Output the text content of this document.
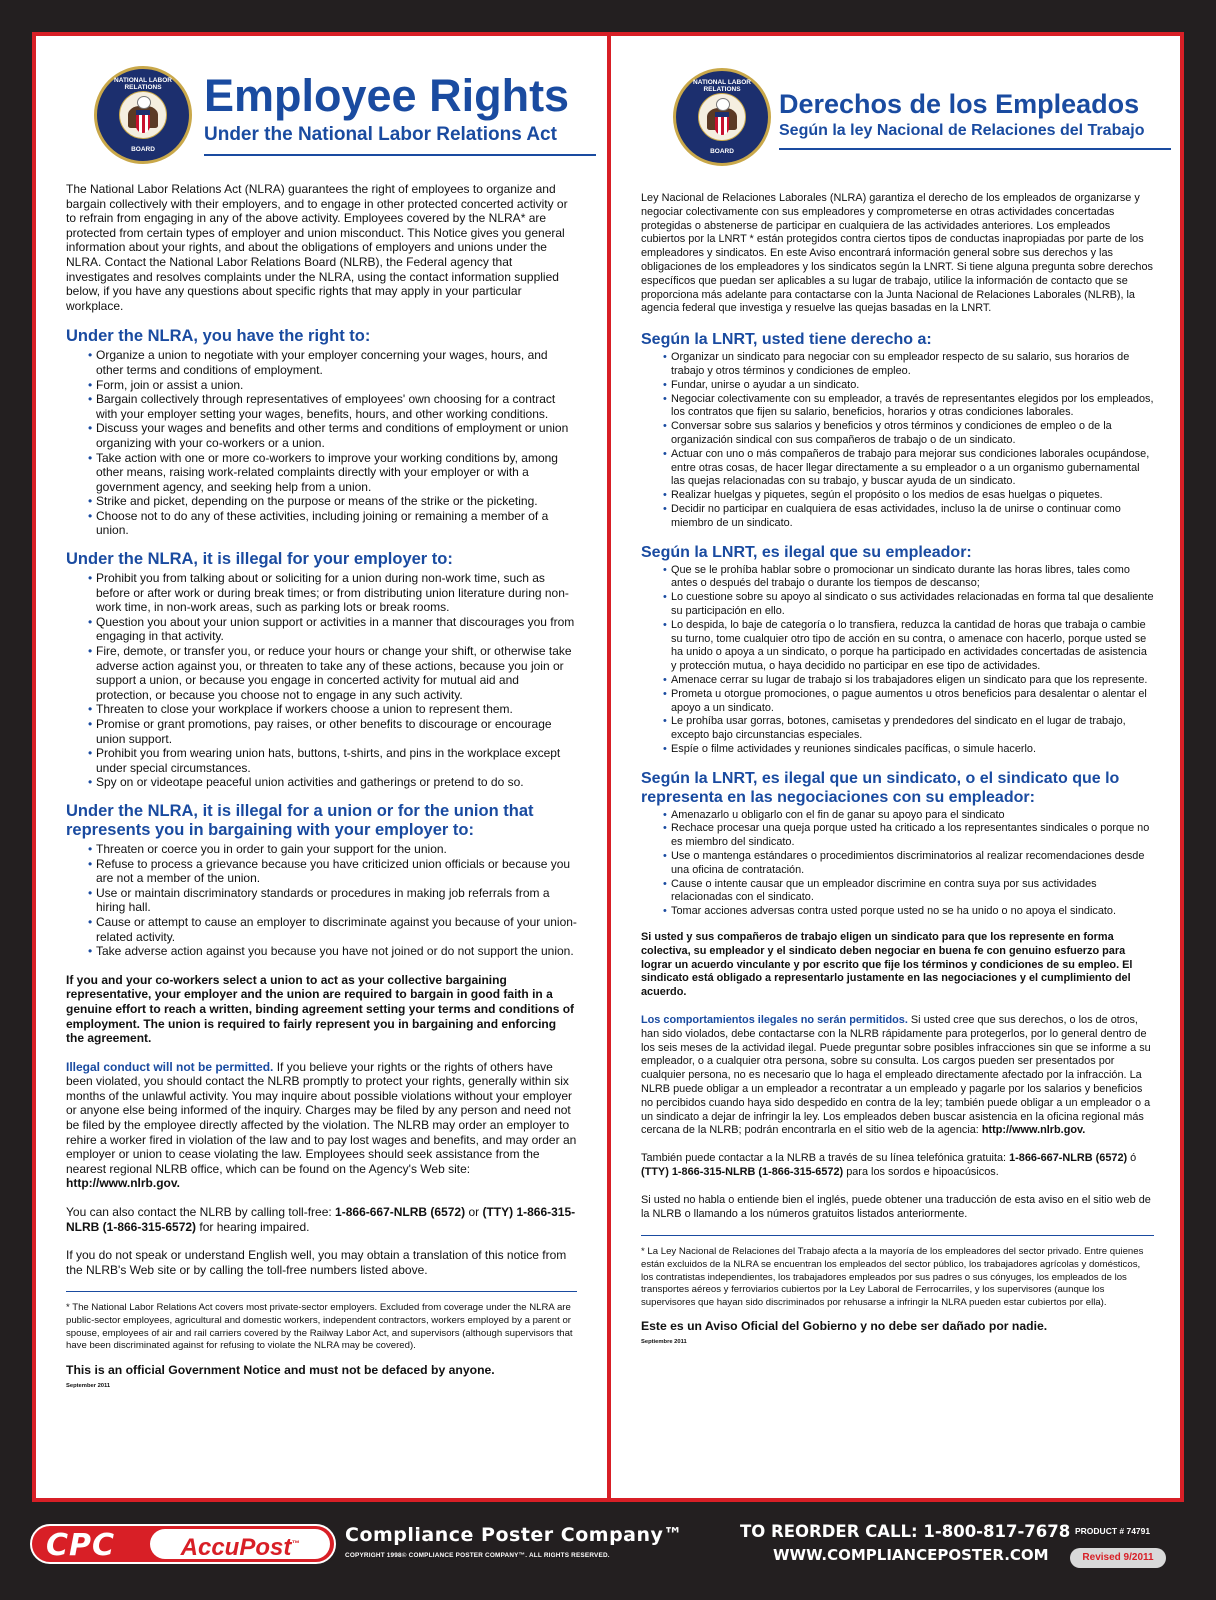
NATIONAL LABOR RELATIONS
BOARD
Employee Rights
Under the National Labor Relations Act

The National Labor Relations Act (NLRA) guarantees the right of employees to organize and bargain collectively with their employers, and to engage in other protected concerted activity or to refrain from engaging in any of the above activity. Employees covered by the NLRA* are protected from certain types of employer and union misconduct. This Notice gives you general information about your rights, and about the obligations of employers and unions under the NLRA. Contact the National Labor Relations Board (NLRB), the Federal agency that investigates and resolves complaints under the NLRA, using the contact information supplied below, if you have any questions about specific rights that may apply in your particular workplace.

Under the NLRA, you have the right to:
• Organize a union to negotiate with your employer concerning your wages, hours, and other terms and conditions of employment.
• Form, join or assist a union.
• Bargain collectively through representatives of employees' own choosing for a contract with your employer setting your wages, benefits, hours, and other working conditions.
• Discuss your wages and benefits and other terms and conditions of employment or union organizing with your co-workers or a union.
• Take action with one or more co-workers to improve your working conditions by, among other means, raising work-related complaints directly with your employer or with a government agency, and seeking help from a union.
• Strike and picket, depending on the purpose or means of the strike or the picketing.
• Choose not to do any of these activities, including joining or remaining a member of a union.
Under the NLRA, it is illegal for your employer to:
• Prohibit you from talking about or soliciting for a union during non-work time, such as before or after work or during break times; or from distributing union literature during non-work time, in non-work areas, such as parking lots or break rooms.
• Question you about your union support or activities in a manner that discourages you from engaging in that activity.
• Fire, demote, or transfer you, or reduce your hours or change your shift, or otherwise take adverse action against you, or threaten to take any of these actions, because you join or support a union, or because you engage in concerted activity for mutual aid and protection, or because you choose not to engage in any such activity.
• Threaten to close your workplace if workers choose a union to represent them.
• Promise or grant promotions, pay raises, or other benefits to discourage or encourage union support.
• Prohibit you from wearing union hats, buttons, t-shirts, and pins in the workplace except under special circumstances.
• Spy on or videotape peaceful union activities and gatherings or pretend to do so.
Under the NLRA, it is illegal for a union or for the union that represents you in bargaining with your employer to:
• Threaten or coerce you in order to gain your support for the union.
• Refuse to process a grievance because you have criticized union officials or because you are not a member of the union.
• Use or maintain discriminatory standards or procedures in making job referrals from a hiring hall.
• Cause or attempt to cause an employer to discriminate against you because of your union-related activity.
• Take adverse action against you because you have not joined or do not support the union.

If you and your co-workers select a union to act as your collective bargaining representative, your employer and the union are required to bargain in good faith in a genuine effort to reach a written, binding agreement setting your terms and conditions of employment. The union is required to fairly represent you in bargaining and enforcing the agreement.

Illegal conduct will not be permitted. If you believe your rights or the rights of others have been violated, you should contact the NLRB promptly to protect your rights, generally within six months of the unlawful activity. You may inquire about possible violations without your employer or anyone else being informed of the inquiry. Charges may be filed by any person and need not be filed by the employee directly affected by the violation. The NLRB may order an employer to rehire a worker fired in violation of the law and to pay lost wages and benefits, and may order an employer or union to cease violating the law. Employees should seek assistance from the nearest regional NLRB office, which can be found on the Agency's Web site: http://www.nlrb.gov.

You can also contact the NLRB by calling toll-free: 1-866-667-NLRB (6572) or (TTY) 1-866-315-NLRB (1-866-315-6572) for hearing impaired.

If you do not speak or understand English well, you may obtain a translation of this notice from the NLRB's Web site or by calling the toll-free numbers listed above.

* The National Labor Relations Act covers most private-sector employers. Excluded from coverage under the NLRA are public-sector employees, agricultural and domestic workers, independent contractors, workers employed by a parent or spouse, employees of air and rail carriers covered by the Railway Labor Act, and supervisors (although supervisors that have been discriminated against for refusing to violate the NLRA may be covered).

This is an official Government Notice and must not be defaced by anyone.

September 2011

NATIONAL LABOR RELATIONS
BOARD
Derechos de los Empleados
Según la ley Nacional de Relaciones del Trabajo

Ley Nacional de Relaciones Laborales (NLRA) garantiza el derecho de los empleados de organizarse y negociar colectivamente con sus empleadores y comprometerse en otras actividades concertadas protegidas o abstenerse de participar en cualquiera de las actividades anteriores. Los empleados cubiertos por la LNRT * están protegidos contra ciertos tipos de conductas inapropiadas por parte de los empleadores y sindicatos. En este Aviso encontrará información general sobre sus derechos y las obligaciones de los empleadores y los sindicatos según la LNRT. Si tiene alguna pregunta sobre derechos específicos que puedan ser aplicables a su lugar de trabajo, utilice la información de contacto que se proporciona más adelante para contactarse con la Junta Nacional de Relaciones Laborales (NLRB), la agencia federal que investiga y resuelve las quejas basadas en la LNRT.

Según la LNRT, usted tiene derecho a:
• Organizar un sindicato para negociar con su empleador respecto de su salario, sus horarios de trabajo y otros términos y condiciones de empleo.
• Fundar, unirse o ayudar a un sindicato.
• Negociar colectivamente con su empleador, a través de representantes elegidos por los empleados, los contratos que fijen su salario, beneficios, horarios y otras condiciones laborales.
• Conversar sobre sus salarios y beneficios y otros términos y condiciones de empleo o de la organización sindical con sus compañeros de trabajo o de un sindicato.
• Actuar con uno o más compañeros de trabajo para mejorar sus condiciones laborales ocupándose, entre otras cosas, de hacer llegar directamente a su empleador o a un organismo gubernamental las quejas relacionadas con su trabajo, y buscar ayuda de un sindicato.
• Realizar huelgas y piquetes, según el propósito o los medios de esas huelgas o piquetes.
• Decidir no participar en cualquiera de esas actividades, incluso la de unirse o continuar como miembro de un sindicato.
Según la LNRT, es ilegal que su empleador:
• Que se le prohíba hablar sobre o promocionar un sindicato durante las horas libres, tales como antes o después del trabajo o durante los tiempos de descanso;
• Lo cuestione sobre su apoyo al sindicato o sus actividades relacionadas en forma tal que desaliente su participación en ello.
• Lo despida, lo baje de categoría o lo transfiera, reduzca la cantidad de horas que trabaja o cambie su turno, tome cualquier otro tipo de acción en su contra, o amenace con hacerlo, porque usted se ha unido o apoya a un sindicato, o porque ha participado en actividades concertadas de asistencia y protección mutua, o haya decidido no participar en ese tipo de actividades.
• Amenace cerrar su lugar de trabajo si los trabajadores eligen un sindicato para que los represente.
• Prometa u otorgue promociones, o pague aumentos u otros beneficios para desalentar o alentar el apoyo a un sindicato.
• Le prohíba usar gorras, botones, camisetas y prendedores del sindicato en el lugar de trabajo, excepto bajo circunstancias especiales.
• Espíe o filme actividades y reuniones sindicales pacíficas, o simule hacerlo.
Según la LNRT, es ilegal que un sindicato, o el sindicato que lo representa en las negociaciones con su empleador:
• Amenazarlo u obligarlo con el fin de ganar su apoyo para el sindicato
• Rechace procesar una queja porque usted ha criticado a los representantes sindicales o porque no es miembro del sindicato.
• Use o mantenga estándares o procedimientos discriminatorios al realizar recomendaciones desde una oficina de contratación.
• Cause o intente causar que un empleador discrimine en contra suya por sus actividades relacionadas con el sindicato.
• Tomar acciones adversas contra usted porque usted no se ha unido o no apoya el sindicato.

Si usted y sus compañeros de trabajo eligen un sindicato para que los represente en forma colectiva, su empleador y el sindicato deben negociar en buena fe con genuino esfuerzo para lograr un acuerdo vinculante y por escrito que fije los términos y condiciones de su empleo. El sindicato está obligado a representarlo justamente en las negociaciones y el cumplimiento del acuerdo.

Los comportamientos ilegales no serán permitidos. Si usted cree que sus derechos, o los de otros, han sido violados, debe contactarse con la NLRB rápidamente para protegerlos, por lo general dentro de los seis meses de la actividad ilegal. Puede preguntar sobre posibles infracciones sin que se informe a su empleador, o a cualquier otra persona, sobre su consulta. Los cargos pueden ser presentados por cualquier persona, no es necesario que lo haga el empleado directamente afectado por la infracción. La NLRB puede obligar a un empleador a recontratar a un empleado y pagarle por los salarios y beneficios no percibidos cuando haya sido despedido en contra de la ley; también puede obligar a un empleador o a un sindicato a dejar de infringir la ley. Los empleados deben buscar asistencia en la oficina regional más cercana de la NLRB; podrán encontrarla en el sitio web de la agencia: http://www.nlrb.gov.

También puede contactar a la NLRB a través de su línea telefónica gratuita: 1-866-667-NLRB (6572) ó (TTY) 1-866-315-NLRB (1-866-315-6572) para los sordos e hipoacúsicos.

Si usted no habla o entiende bien el inglés, puede obtener una traducción de esta aviso en el sitio web de la NLRB o llamando a los números gratuitos listados anteriormente.

* La Ley Nacional de Relaciones del Trabajo afecta a la mayoría de los empleadores del sector privado. Entre quienes están excluidos de la NLRA se encuentran los empleados del sector público, los trabajadores agrícolas y domésticos, los contratistas independientes, los trabajadores empleados por sus padres o sus cónyuges, los empleados de los transportes aéreos y ferroviarios cubiertos por la Ley Laboral de Ferrocarriles, y los supervisores (aunque los supervisores que hayan sido discriminados por rehusarse a infringir la NLRA pueden estar cubiertos por ella).

Este es un Aviso Oficial del Gobierno y no debe ser dañado por nadie.

Septiembre 2011

CPC	AccuPost™	Compliance Poster Company™
COPYRIGHT 1998© COMPLIANCE POSTER COMPANY™. ALL RIGHTS RESERVED.
TO REORDER CALL: 1-800-817-7678
WWW.COMPLIANCEPOSTER.COM
PRODUCT # 74791
Revised 9/2011
